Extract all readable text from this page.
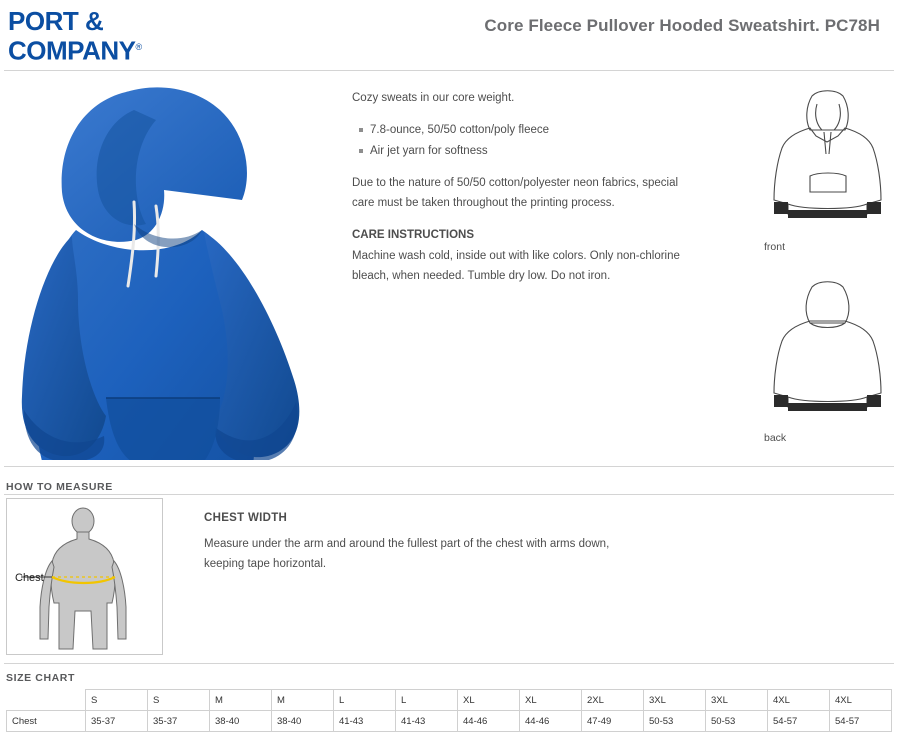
PORT &
COMPANY®
Core Fleece Pullover Hooded Sweatshirt. PC78H

Cozy sweats in our core weight.

7.8-ounce, 50/50 cotton/poly fleece
Air jet yarn for softness

Due to the nature of 50/50 cotton/polyester neon fabrics, special care must be taken throughout the printing process.

CARE INSTRUCTIONS

Machine wash cold, inside out with like colors. Only non-chlorine bleach, when needed. Tumble dry low. Do not iron.

front
back
HOW TO MEASURE
Chest
CHEST WIDTH
Measure under the arm and around the fullest part of the chest with arms down, keeping tape horizontal.
SIZE CHART
	S	S	M	M	L	L	XL	XL	2XL	3XL	3XL	4XL	4XL
Chest	35-37	35-37	38-40	38-40	41-43	41-43	44-46	44-46	47-49	50-53	50-53	54-57	54-57
